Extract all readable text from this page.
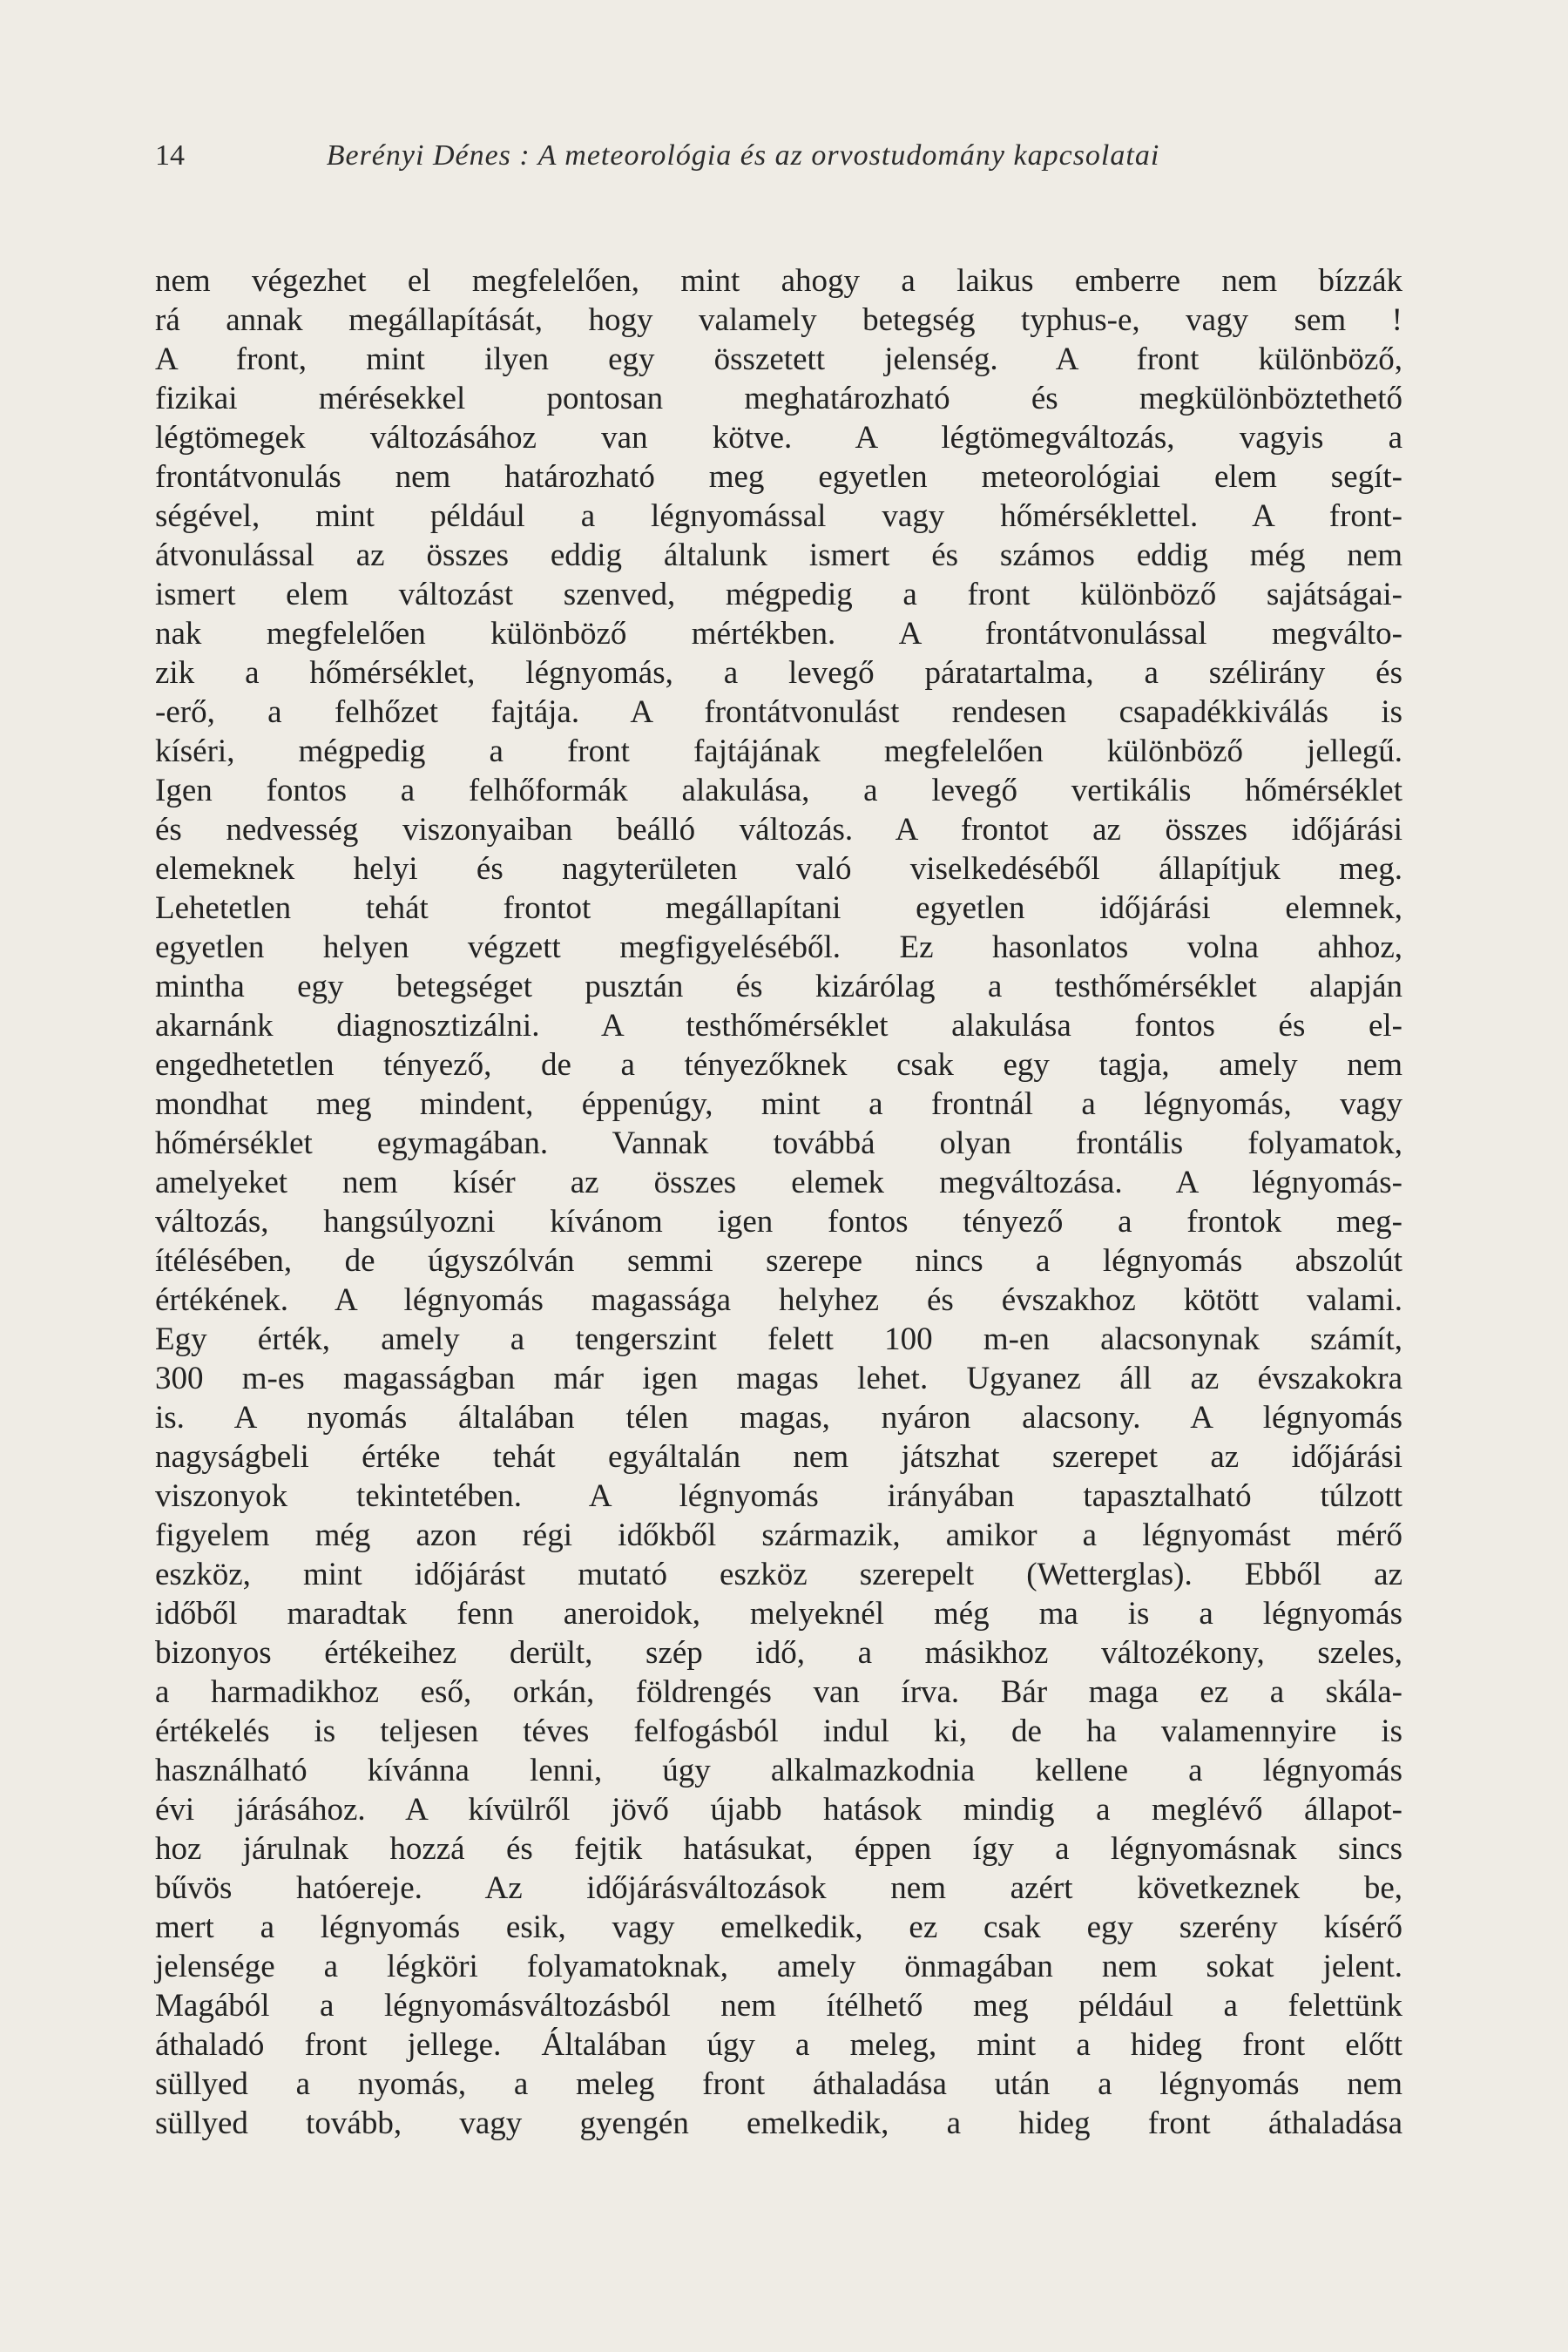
14	Berényi Dénes : A meteorológia és az orvostudomány kapcsolatai
nem végezhet el megfelelően, mint ahogy a laikus emberre nem bízzák
rá annak megállapítását, hogy valamely betegség typhus-e, vagy sem !
A front, mint ilyen egy összetett jelenség. A front különböző,
fizikai mérésekkel pontosan meghatározható és megkülönböztethető
légtömegek változásához van kötve. A légtömegváltozás, vagyis a
frontátvonulás nem határozható meg egyetlen meteorológiai elem segít-
ségével, mint például a légnyomással vagy hőmérséklettel. A front-
átvonulással az összes eddig általunk ismert és számos eddig még nem
ismert elem változást szenved, mégpedig a front különböző sajátságai-
nak megfelelően különböző mértékben. A frontátvonulással megválto-
zik a hőmérséklet, légnyomás, a levegő páratartalma, a szélirány és
-erő, a felhőzet fajtája. A frontátvonulást rendesen csapadékkiválás is
kíséri, mégpedig a front fajtájának megfelelően különböző jellegű.
Igen fontos a felhőformák alakulása, a levegő vertikális hőmérséklet
és nedvesség viszonyaiban beálló változás. A frontot az összes időjárási
elemeknek helyi és nagyterületen való viselkedéséből állapítjuk meg.
Lehetetlen tehát frontot megállapítani egyetlen időjárási elemnek,
egyetlen helyen végzett megfigyeléséből. Ez hasonlatos volna ahhoz,
mintha egy betegséget pusztán és kizárólag a testhőmérséklet alapján
akarnánk diagnosztizálni. A testhőmérséklet alakulása fontos és el-
engedhetetlen tényező, de a tényezőknek csak egy tagja, amely nem
mondhat meg mindent, éppenúgy, mint a frontnál a légnyomás, vagy
hőmérséklet egymagában. Vannak továbbá olyan frontális folyamatok,
amelyeket nem kísér az összes elemek megváltozása. A légnyomás-
változás, hangsúlyozni kívánom igen fontos tényező a frontok meg-
ítélésében, de úgyszólván semmi szerepe nincs a légnyomás abszolút
értékének. A légnyomás magassága helyhez és évszakhoz kötött valami.
Egy érték, amely a tengerszint felett 100 m-en alacsonynak számít,
300 m-es magasságban már igen magas lehet. Ugyanez áll az évszakokra
is. A nyomás általában télen magas, nyáron alacsony. A légnyomás
nagyságbeli értéke tehát egyáltalán nem játszhat szerepet az időjárási
viszonyok tekintetében. A légnyomás irányában tapasztalható túlzott
figyelem még azon régi időkből származik, amikor a légnyomást mérő
eszköz, mint időjárást mutató eszköz szerepelt (Wetterglas). Ebből az
időből maradtak fenn aneroidok, melyeknél még ma is a légnyomás
bizonyos értékeihez derült, szép idő, a másikhoz változékony, szeles,
a harmadikhoz eső, orkán, földrengés van írva. Bár maga ez a skála-
értékelés is teljesen téves felfogásból indul ki, de ha valamennyire is
használható kívánna lenni, úgy alkalmazkodnia kellene a légnyomás
évi járásához. A kívülről jövő újabb hatások mindig a meglévő állapot-
hoz járulnak hozzá és fejtik hatásukat, éppen így a légnyomásnak sincs
bűvös hatóereje. Az időjárásváltozások nem azért következnek be,
mert a légnyomás esik, vagy emelkedik, ez csak egy szerény kísérő
jelensége a légköri folyamatoknak, amely önmagában nem sokat jelent.
Magából a légnyomásváltozásból nem ítélhető meg például a felettünk
áthaladó front jellege. Általában úgy a meleg, mint a hideg front előtt
süllyed a nyomás, a meleg front áthaladása után a légnyomás nem
süllyed tovább, vagy gyengén emelkedik, a hideg front áthaladása
